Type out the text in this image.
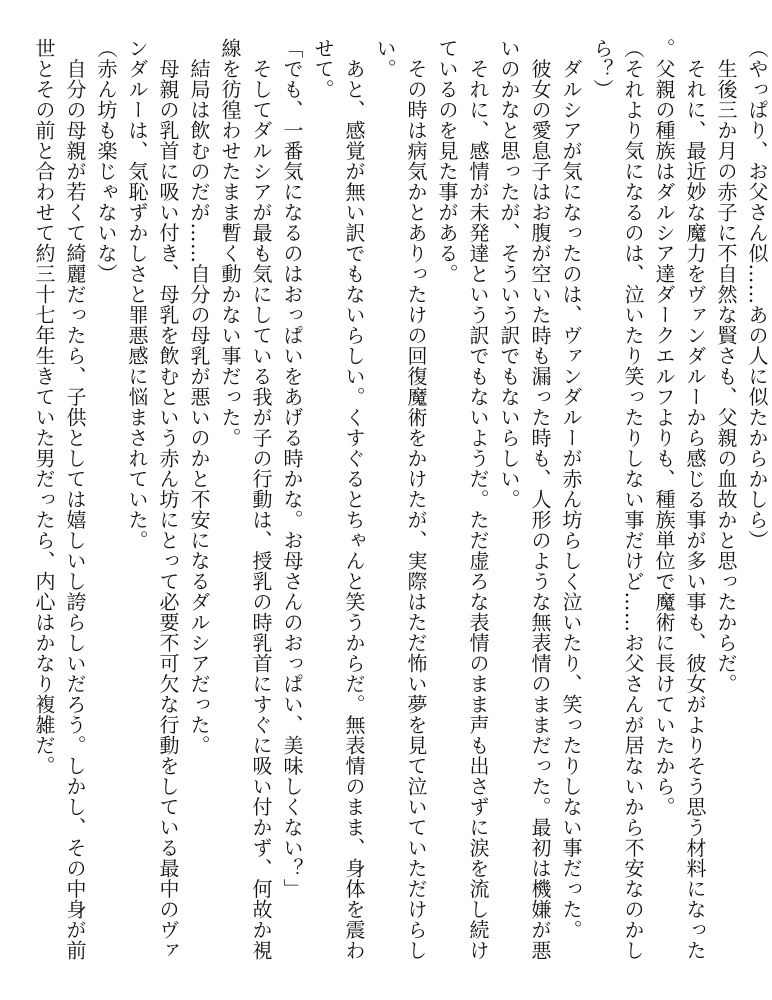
（やっぱり、お父さん似……あの人に似たからかしら）

　生後三か月の赤子に不自然な賢さも、父親の血故かと思ったからだ。

　それに、最近妙な魔力をヴァンダルーから感じる事が多い事も、彼女がよりそう思う材料になった。父親の種族はダルシア達ダークエルフよりも、種族単位で魔術に長けていたから。

（それより気になるのは、泣いたり笑ったりしない事だけど……お父さんが居ないから不安なのかしら？）

　ダルシアが気になったのは、ヴァンダルーが赤ん坊らしく泣いたり、笑ったりしない事だった。

　彼女の愛息子はお腹が空いた時も漏った時も、人形のような無表情のままだった。最初は機嫌が悪いのかなと思ったが、そういう訳でもないらしい。

　それに、感情が未発達という訳でもないようだ。ただ虚ろな表情のまま声も出さずに涙を流し続けているのを見た事がある。

　その時は病気かとありったけの回復魔術をかけたが、実際はただ怖い夢を見て泣いていただけらしい。

　あと、感覚が無い訳でもないらしい。くすぐるとちゃんと笑うからだ。無表情のまま、身体を震わせて。

「でも、一番気になるのはおっぱいをあげる時かな。お母さんのおっぱい、美味しくない？」

　そしてダルシアが最も気にしている我が子の行動は、授乳の時乳首にすぐに吸い付かず、何故か視線を彷徨わせたまま暫く動かない事だった。

　結局は飲むのだが……自分の母乳が悪いのかと不安になるダルシアだった。

　母親の乳首に吸い付き、母乳を飲むという赤ん坊にとって必要不可欠な行動をしている最中のヴァンダルーは、気恥ずかしさと罪悪感に悩まされていた。

（赤ん坊も楽じゃないな）

　自分の母親が若くて綺麗だったら、子供としては嬉しいし誇らしいだろう。しかし、その中身が前世とその前と合わせて約三十七年生きていた男だったら、内心はかなり複雑だ。
